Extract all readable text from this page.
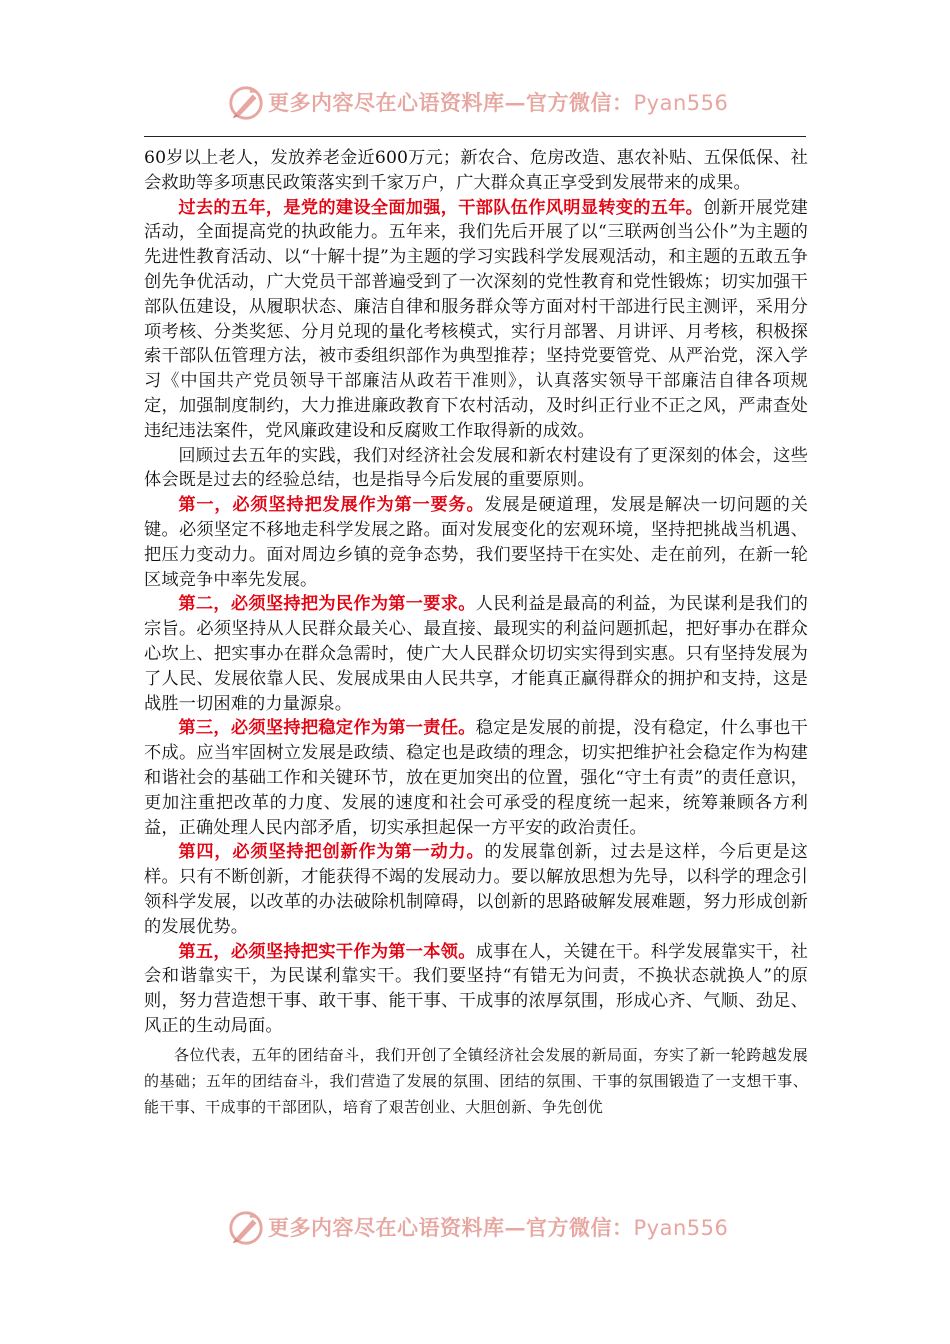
更多内容尽在心语资料库—官方微信：Pyan556

60岁以上老人，发放养老金近600万元；新农合、危房改造、惠农补贴、五保低保、社会救助等多项惠民政策落实到千家万户，广大群众真正享受到发展带来的成果。

过去的五年，是党的建设全面加强，干部队伍作风明显转变的五年。创新开展党建活动，全面提高党的执政能力。五年来，我们先后开展了以“三联两创当公仆”为主题的先进性教育活动、以“十解十提”为主题的学习实践科学发展观活动，和主题的五敢五争创先争优活动，广大党员干部普遍受到了一次深刻的党性教育和党性锻炼；切实加强干部队伍建设，从履职状态、廉洁自律和服务群众等方面对村干部进行民主测评，采用分项考核、分类奖惩、分月兑现的量化考核模式，实行月部署、月讲评、月考核，积极探索干部队伍管理方法，被市委组织部作为典型推荐；坚持党要管党、从严治党，深入学习《中国共产党员领导干部廉洁从政若干准则》，认真落实领导干部廉洁自律各项规定，加强制度制约，大力推进廉政教育下农村活动，及时纠正行业不正之风，严肃查处违纪违法案件，党风廉政建设和反腐败工作取得新的成效。

回顾过去五年的实践，我们对经济社会发展和新农村建设有了更深刻的体会，这些体会既是过去的经验总结，也是指导今后发展的重要原则。

第一，必须坚持把发展作为第一要务。发展是硬道理，发展是解决一切问题的关键。必须坚定不移地走科学发展之路。面对发展变化的宏观环境，坚持把挑战当机遇、把压力变动力。面对周边乡镇的竞争态势，我们要坚持干在实处、走在前列，在新一轮区域竞争中率先发展。

第二，必须坚持把为民作为第一要求。人民利益是最高的利益，为民谋利是我们的宗旨。必须坚持从人民群众最关心、最直接、最现实的利益问题抓起，把好事办在群众心坎上、把实事办在群众急需时，使广大人民群众切切实实得到实惠。只有坚持发展为了人民、发展依靠人民、发展成果由人民共享，才能真正赢得群众的拥护和支持，这是战胜一切困难的力量源泉。

第三，必须坚持把稳定作为第一责任。稳定是发展的前提，没有稳定，什么事也干不成。应当牢固树立发展是政绩、稳定也是政绩的理念，切实把维护社会稳定作为构建和谐社会的基础工作和关键环节，放在更加突出的位置，强化“守土有责”的责任意识，更加注重把改革的力度、发展的速度和社会可承受的程度统一起来，统筹兼顾各方利益，正确处理人民内部矛盾，切实承担起保一方平安的政治责任。

第四，必须坚持把创新作为第一动力。的发展靠创新，过去是这样，今后更是这样。只有不断创新，才能获得不竭的发展动力。要以解放思想为先导，以科学的理念引领科学发展，以改革的办法破除机制障碍，以创新的思路破解发展难题，努力形成创新的发展优势。

第五，必须坚持把实干作为第一本领。成事在人，关键在干。科学发展靠实干，社会和谐靠实干，为民谋利靠实干。我们要坚持“有错无为问责，不换状态就换人”的原则，努力营造想干事、敢干事、能干事、干成事的浓厚氛围，形成心齐、气顺、劲足、风正的生动局面。

各位代表，五年的团结奋斗，我们开创了全镇经济社会发展的新局面，夯实了新一轮跨越发展的基础；五年的团结奋斗，我们营造了发展的氛围、团结的氛围、干事的氛围锻造了一支想干事、能干事、干成事的干部团队，培育了艰苦创业、大胆创新、争先创优

更多内容尽在心语资料库—官方微信：Pyan556
